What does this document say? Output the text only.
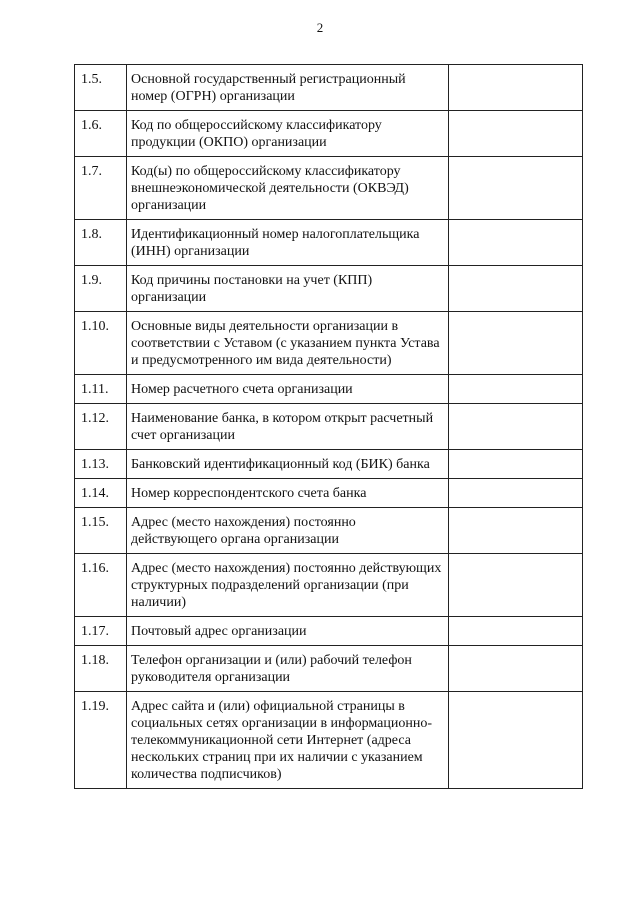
2
1.5.	Основной государственный регистрационный номер (ОГРН) организации	
1.6.	Код по общероссийскому классификатору продукции (ОКПО) организации	
1.7.	Код(ы) по общероссийскому классификатору внешнеэкономической деятельности (ОКВЭД) организации	
1.8.	Идентификационный номер налогоплательщика (ИНН) организации	
1.9.	Код причины постановки на учет (КПП) организации	
1.10.	Основные виды деятельности организации в соответствии с Уставом (с указанием пункта Устава и предусмотренного им вида деятельности)	
1.11.	Номер расчетного счета организации	
1.12.	Наименование банка, в котором открыт расчетный счет организации	
1.13.	Банковский идентификационный код (БИК) банка	
1.14.	Номер корреспондентского счета банка	
1.15.	Адрес (место нахождения) постоянно действующего органа организации	
1.16.	Адрес (место нахождения) постоянно действующих структурных подразделений организации (при наличии)	
1.17.	Почтовый адрес организации	
1.18.	Телефон организации и (или) рабочий телефон руководителя организации	
1.19.	Адрес сайта и (или) официальной страницы в социальных сетях организации в информационно-телекоммуникационной сети Интернет (адреса нескольких страниц при их наличии с указанием количества подписчиков)	
